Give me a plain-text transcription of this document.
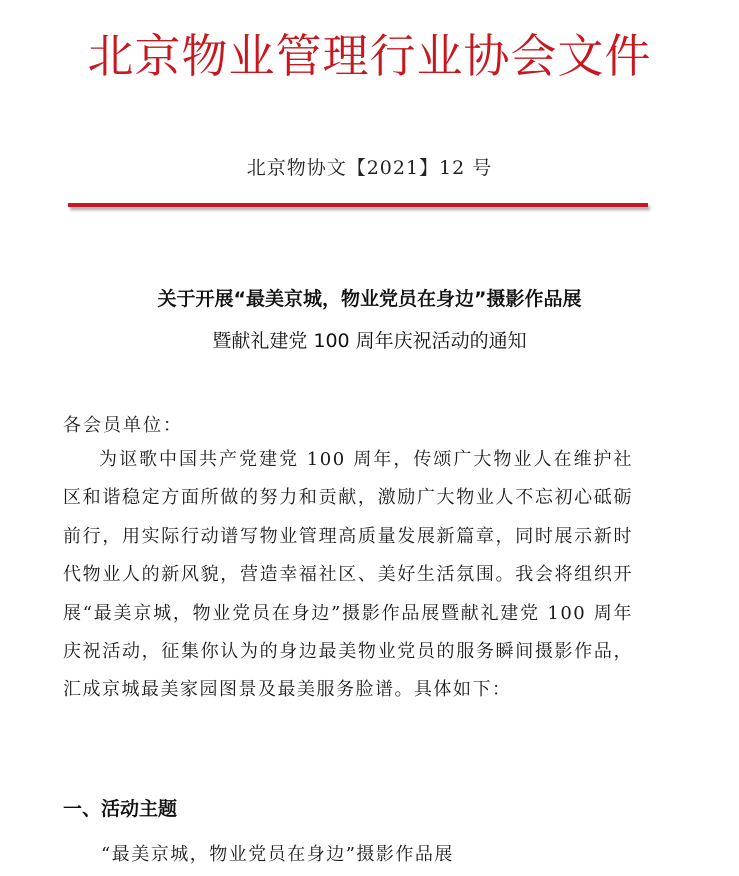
北京物业管理行业协会文件
北京物协文【2021】12 号
关于开展“最美京城，物业党员在身边”摄影作品展
暨献礼建党 100 周年庆祝活动的通知
各会员单位：
为讴歌中国共产党建党 100 周年，传颂广大物业人在维护社区和谐稳定方面所做的努力和贡献，激励广大物业人不忘初心砥砺前行，用实际行动谱写物业管理高质量发展新篇章，同时展示新时代物业人的新风貌，营造幸福社区、美好生活氛围。我会将组织开展“最美京城，物业党员在身边”摄影作品展暨献礼建党 100 周年庆祝活动，征集你认为的身边最美物业党员的服务瞬间摄影作品，汇成京城最美家园图景及最美服务脸谱。具体如下：
一、活动主题
“最美京城，物业党员在身边”摄影作品展
